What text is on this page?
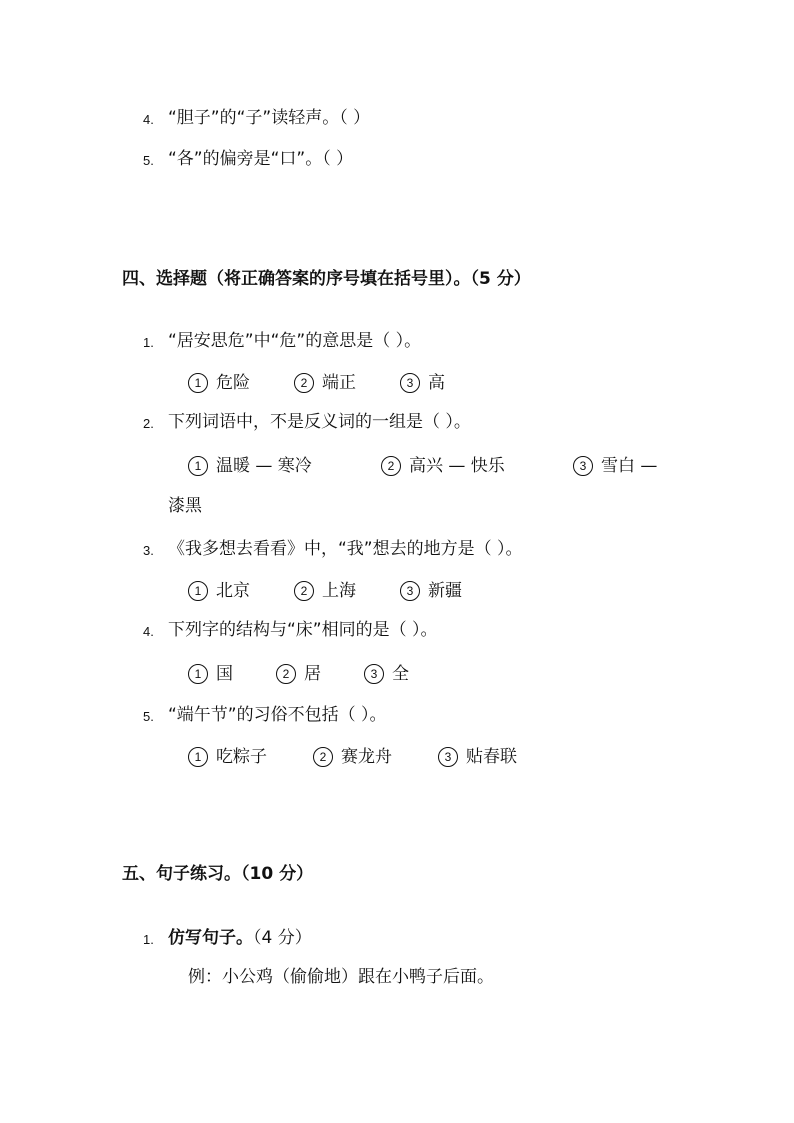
4. “胆子”的“子”读轻声。（ ）
5. “各”的偏旁是“口”。（ ）
四、选择题（将正确答案的序号填在括号里）。（5 分）
1. “居安思危”中“危”的意思是（ ）。
1 危险	2 端正	3 高
2. 下列词语中，不是反义词的一组是（ ）。
1 温暖 — 寒冷	2 高兴 — 快乐	3 雪白 —
漆黑
3. 《我多想去看看》中，“我”想去的地方是（ ）。
1 北京	2 上海	3 新疆
4. 下列字的结构与“床”相同的是（ ）。
1 国	2 居	3 全
5. “端午节”的习俗不包括（ ）。
1 吃粽子	2 赛龙舟	3 贴春联
五、句子练习。（10 分）
1. 仿写句子。（4 分）
例：小公鸡（偷偷地）跟在小鸭子后面。
